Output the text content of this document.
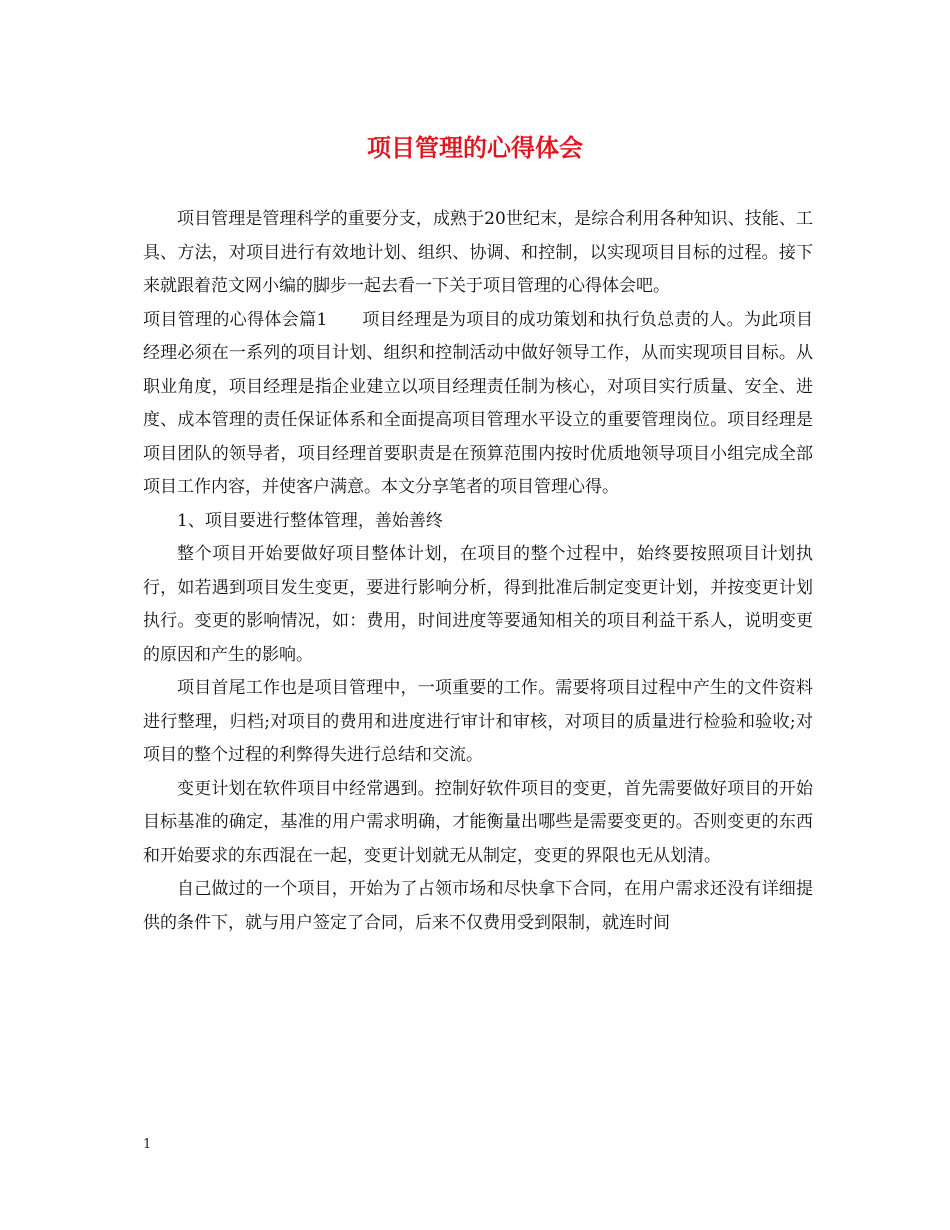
项目管理的心得体会

项目管理是管理科学的重要分支，成熟于20世纪末，是综合利用各种知识、技能、工具、方法，对项目进行有效地计划、组织、协调、和控制，以实现项目目标的过程。接下来就跟着范文网小编的脚步一起去看一下关于项目管理的心得体会吧。

项目管理的心得体会篇1　　项目经理是为项目的成功策划和执行负总责的人。为此项目经理必须在一系列的项目计划、组织和控制活动中做好领导工作，从而实现项目目标。从职业角度，项目经理是指企业建立以项目经理责任制为核心，对项目实行质量、安全、进度、成本管理的责任保证体系和全面提高项目管理水平设立的重要管理岗位。项目经理是项目团队的领导者，项目经理首要职责是在预算范围内按时优质地领导项目小组完成全部项目工作内容，并使客户满意。本文分享笔者的项目管理心得。

1、项目要进行整体管理，善始善终

整个项目开始要做好项目整体计划，在项目的整个过程中，始终要按照项目计划执行，如若遇到项目发生变更，要进行影响分析，得到批准后制定变更计划，并按变更计划执行。变更的影响情况，如：费用，时间进度等要通知相关的项目利益干系人，说明变更的原因和产生的影响。

项目首尾工作也是项目管理中，一项重要的工作。需要将项目过程中产生的文件资料进行整理，归档;对项目的费用和进度进行审计和审核，对项目的质量进行检验和验收;对项目的整个过程的利弊得失进行总结和交流。

变更计划在软件项目中经常遇到。控制好软件项目的变更，首先需要做好项目的开始目标基准的确定，基准的用户需求明确，才能衡量出哪些是需要变更的。否则变更的东西和开始要求的东西混在一起，变更计划就无从制定，变更的界限也无从划清。

自己做过的一个项目，开始为了占领市场和尽快拿下合同，在用户需求还没有详细提供的条件下，就与用户签定了合同，后来不仅费用受到限制，就连时间

1
